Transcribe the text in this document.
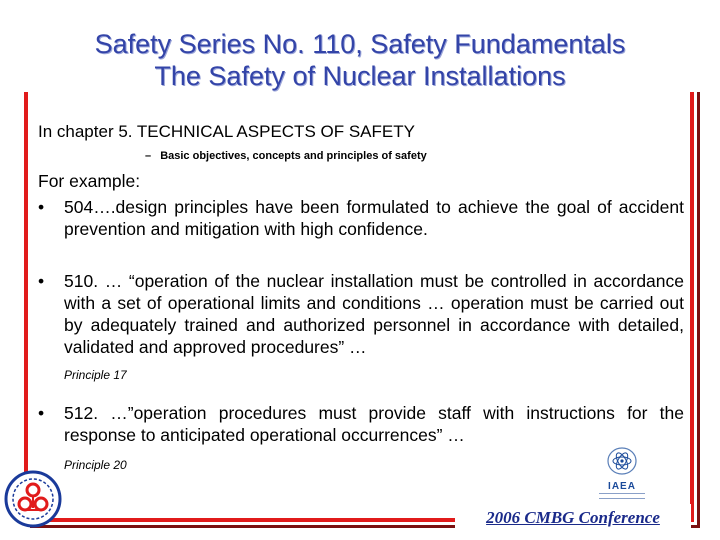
Safety Series No. 110, Safety Fundamentals
The Safety of Nuclear Installations
In chapter 5. TECHNICAL ASPECTS OF SAFETY
– Basic objectives, concepts and principles of safety
For example:
• 504….design principles have been formulated to achieve the goal of accident prevention and mitigation with high confidence.
• 510. … “operation of the nuclear installation must be controlled in accordance with a set of operational limits and conditions … operation must be carried out by adequately trained and authorized personnel in accordance with detailed, validated and approved procedures” …
Principle 17
• 512. …”operation procedures must provide staff with instructions for the response to anticipated operational occurrences” …
Principle 20
IAEA
2006 CMBG Conference
